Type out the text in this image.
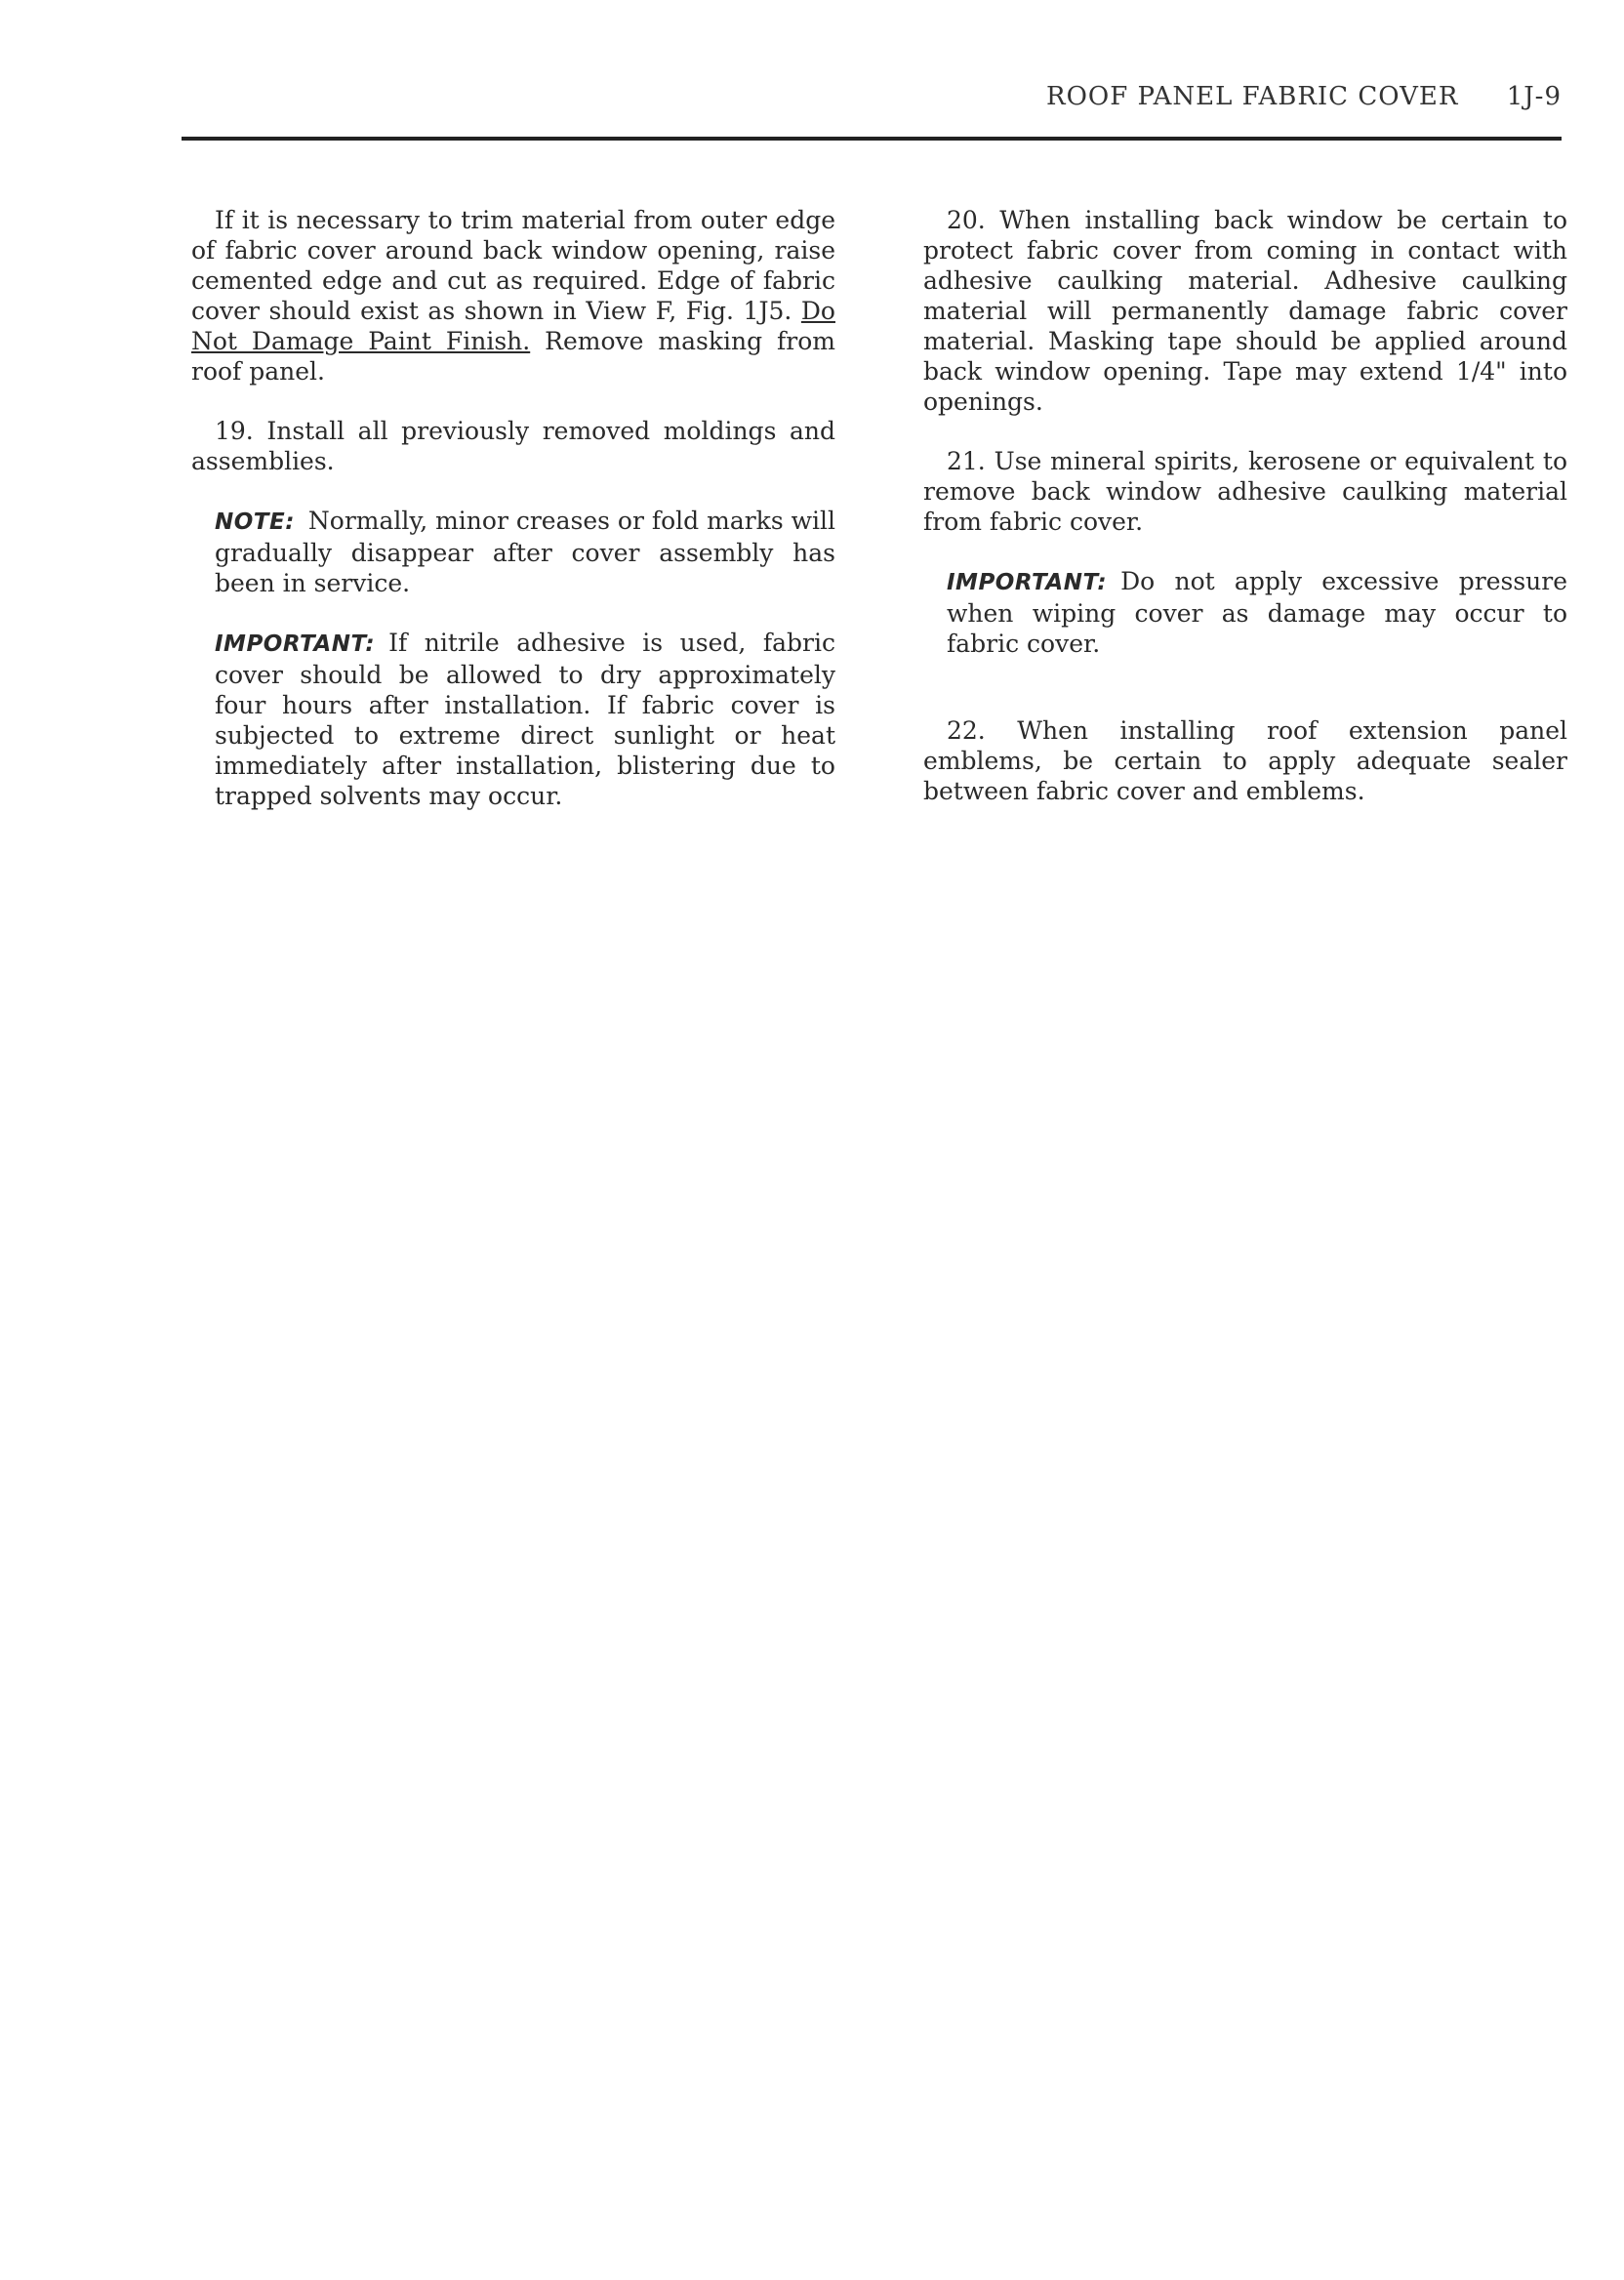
ROOF PANEL FABRIC COVER 1J-9

If it is necessary to trim material from outer edge of fabric cover around back window opening, raise cemented edge and cut as required. Edge of fabric cover should exist as shown in View F, Fig. 1J5. Do Not Damage Paint Finish. Remove masking from roof panel.

19. Install all previously removed moldings and assemblies.

NOTE: Normally, minor creases or fold marks will gradually disappear after cover assembly has been in service.

IMPORTANT: If nitrile adhesive is used, fabric cover should be allowed to dry approximately four hours after installation. If fabric cover is subjected to extreme direct sunlight or heat immediately after installation, blistering due to trapped solvents may occur.

20. When installing back window be certain to protect fabric cover from coming in contact with adhesive caulking material. Adhesive caulking material will permanently damage fabric cover material. Masking tape should be applied around back window opening. Tape may extend 1/4" into openings.

21. Use mineral spirits, kerosene or equivalent to remove back window adhesive caulking material from fabric cover.

IMPORTANT: Do not apply excessive pressure when wiping cover as damage may occur to fabric cover.

22. When installing roof extension panel emblems, be certain to apply adequate sealer between fabric cover and emblems.
